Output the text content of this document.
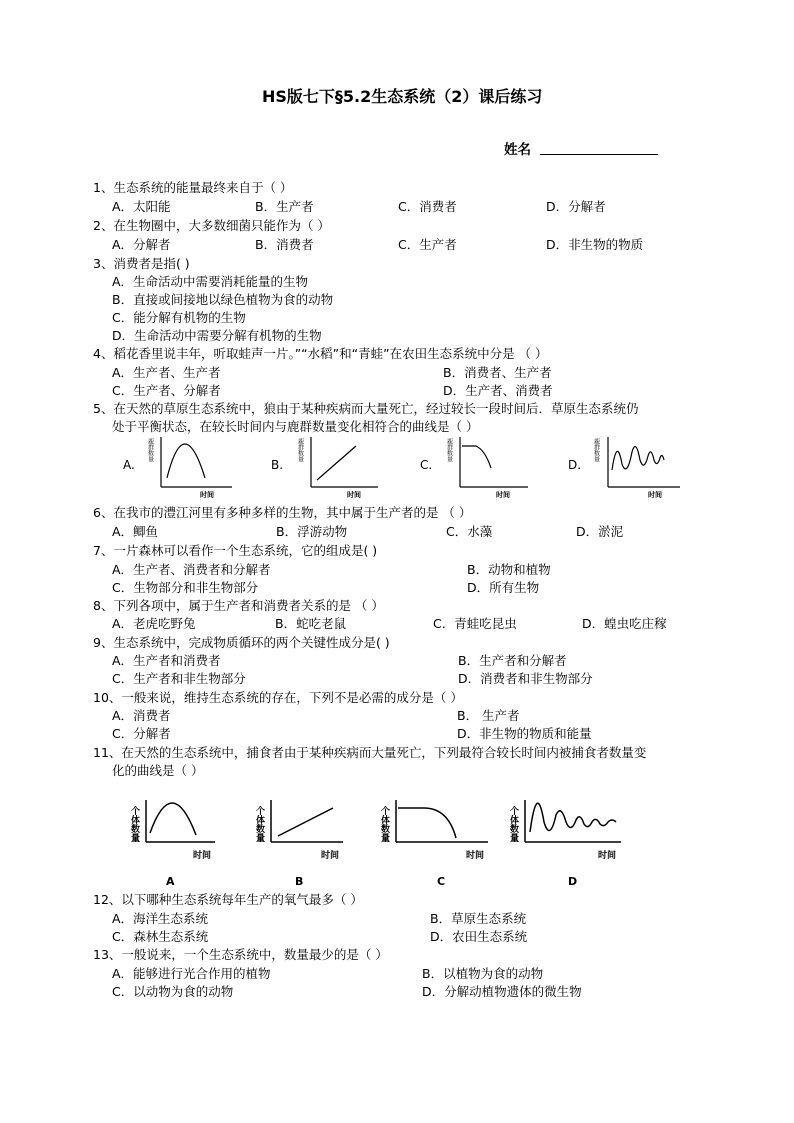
HS版七下§5.2生态系统（2）课后练习
姓名
1、生态系统的能量最终来自于（ ）
A．太阳能	B．生产者	C．消费者	D．分解者
2、在生物圈中，大多数细菌只能作为（ ）
A．分解者	B．消费者	C．生产者	D．非生物的物质
3、消费者是指( )
A．生命活动中需要消耗能量的生物
B．直接或间接地以绿色植物为食的动物
C．能分解有机物的生物
D．生命活动中需要分解有机物的生物
4、稻花香里说丰年，听取蛙声一片。”“水稻”和“青蛙”在农田生态系统中分是 （ ）
A．生产者、生产者	B．消费者、生产者
C．生产者、分解者	D．生产者、消费者
5、在天然的草原生态系统中，狼由于某种疾病而大量死亡，经过较长一段时间后．草原生态系统仍
处于平衡状态，在较长时间内与鹿群数量变化相符合的曲线是（ ）
A.
鹿群数量
时间
B.
鹿群数量
时间
C.
鹿群数量
时间
D.
鹿群数量
时间
个体数量
时间
A
个体数量
时间
B
个体数量
时间
C
个体数量
时间
D
6、在我市的澧江河里有多种多样的生物，其中属于生产者的是 （ ）
A．鲫鱼	B．浮游动物	C．水藻	D．淤泥
7、一片森林可以看作一个生态系统，它的组成是( )
A．生产者、消费者和分解者	B．动物和植物
C．生物部分和非生物部分	D．所有生物
8、下列各项中，属于生产者和消费者关系的是 （ ）
A．老虎吃野兔	B．蛇吃老鼠	C．青蛙吃昆虫	D．蝗虫吃庄稼
9、生态系统中，完成物质循环的两个关键性成分是( )
A．生产者和消费者	B．生产者和分解者
C．生产者和非生物部分	D．消费者和非生物部分
10、一般来说，维持生态系统的存在，下列不是必需的成分是（ ）
A．消费者	B． 生产者
C．分解者	D．非生物的物质和能量
11、在天然的生态系统中，捕食者由于某种疾病而大量死亡，下列最符合较长时间内被捕食者数量变
化的曲线是（ ）
12、以下哪种生态系统每年生产的氧气最多（ ）
A．海洋生态系统	B．草原生态系统
C．森林生态系统	D．农田生态系统
13、一般说来，一个生态系统中，数量最少的是（ ）
A．能够进行光合作用的植物	B．以植物为食的动物
C．以动物为食的动物	D．分解动植物遗体的微生物
